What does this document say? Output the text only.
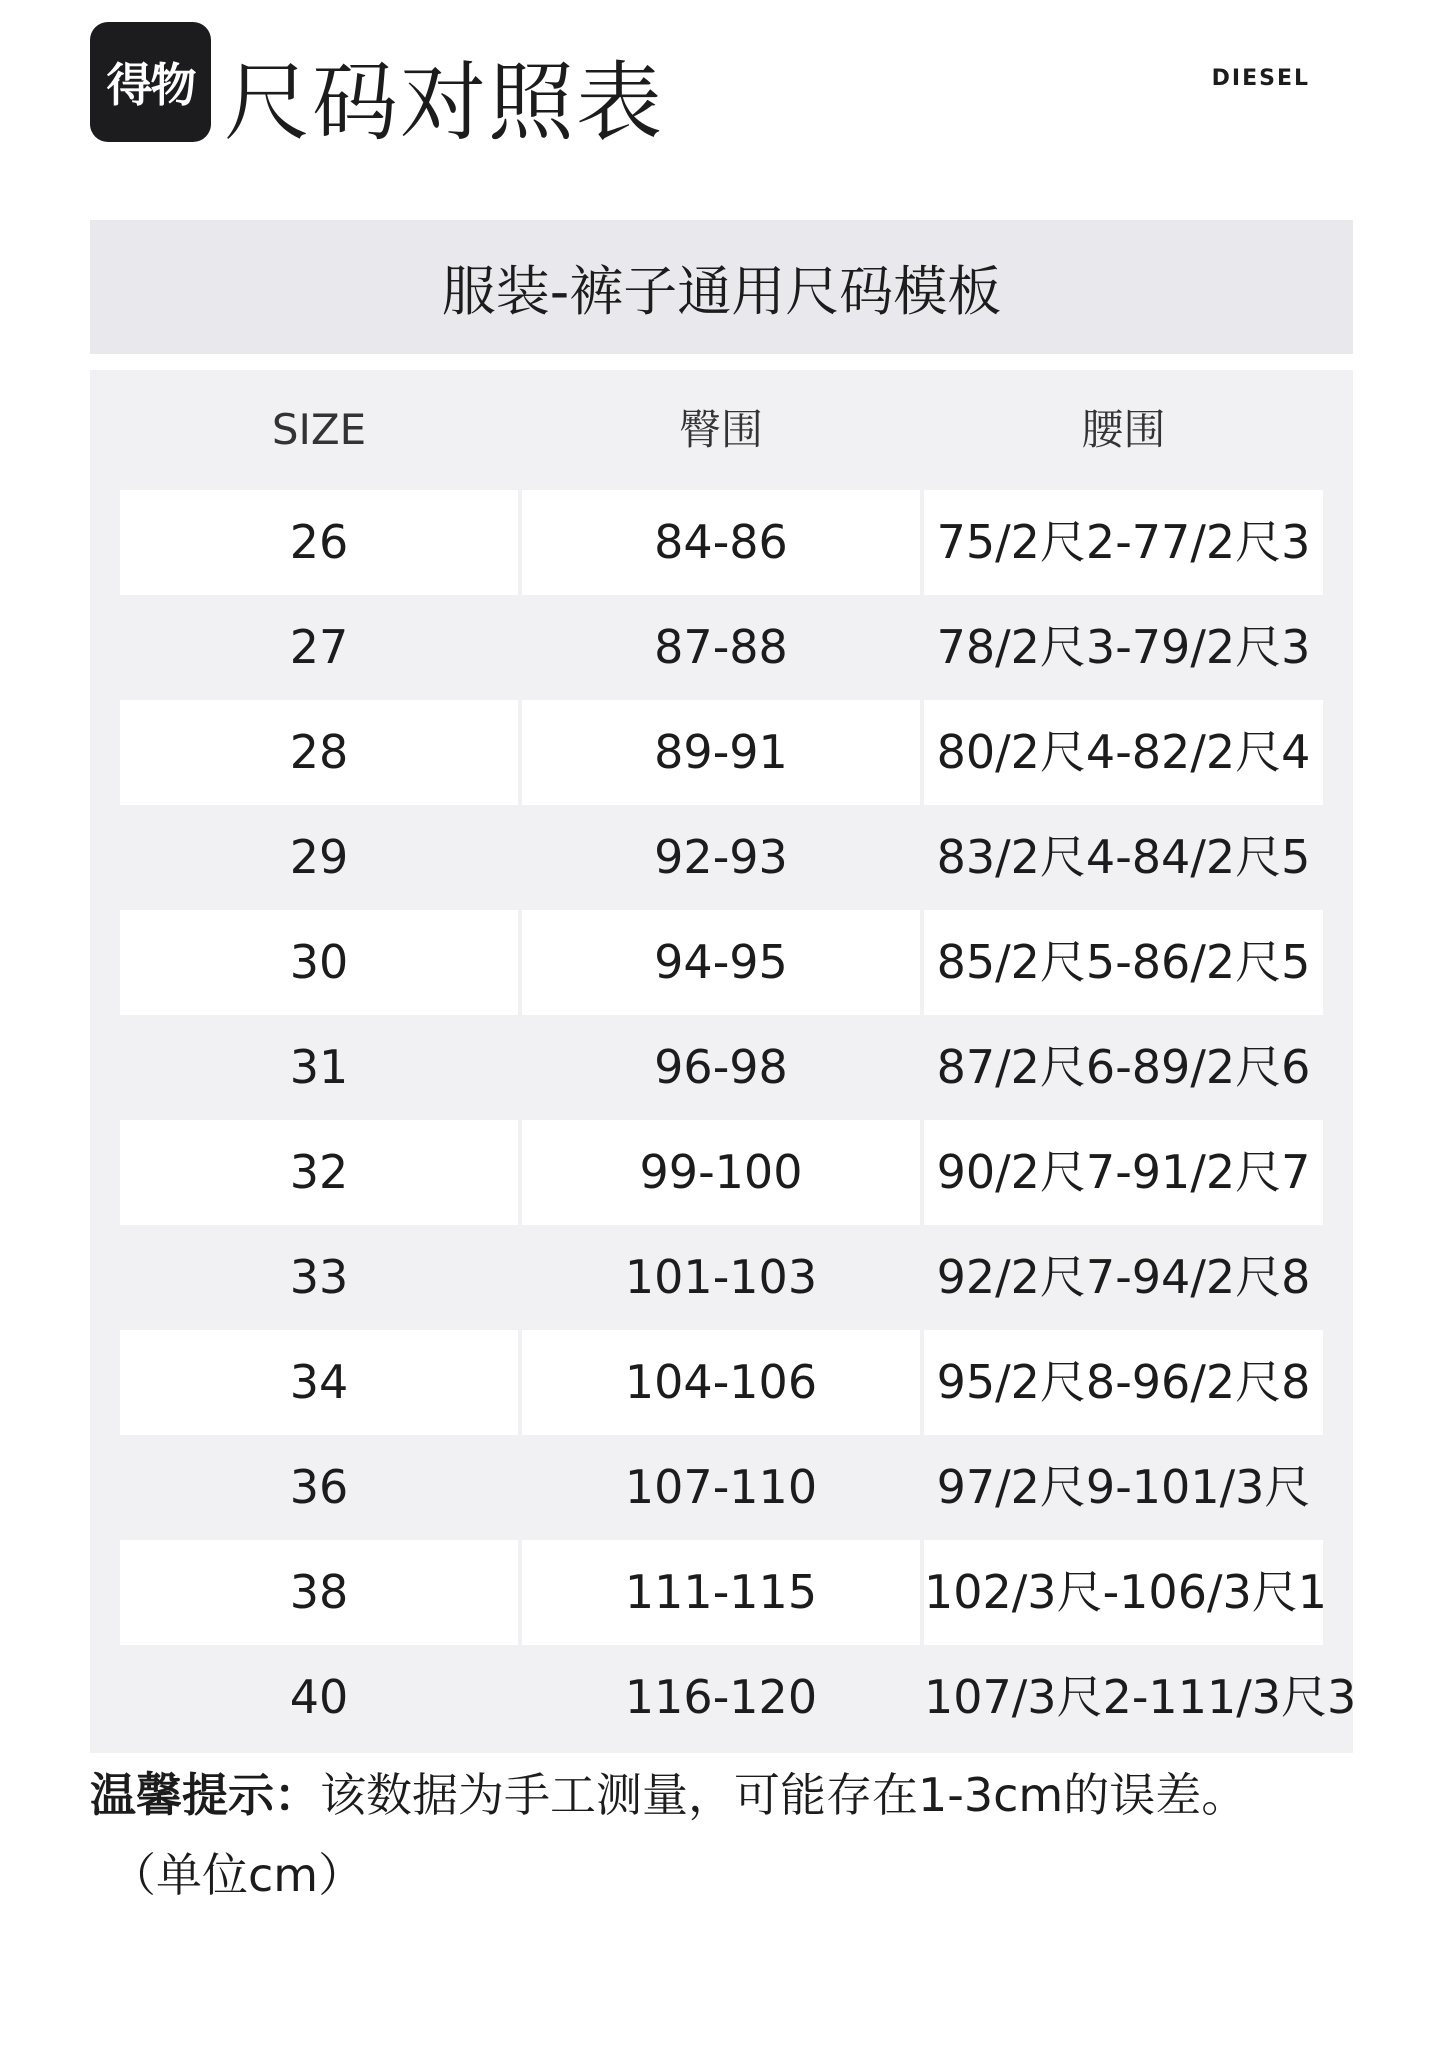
得物 尺码对照表	DIESEL
服装-裤子通用尺码模板
SIZE	臀围	腰围
26	84-86	75/2尺2-77/2尺3
27	87-88	78/2尺3-79/2尺3
28	89-91	80/2尺4-82/2尺4
29	92-93	83/2尺4-84/2尺5
30	94-95	85/2尺5-86/2尺5
31	96-98	87/2尺6-89/2尺6
32	99-100	90/2尺7-91/2尺7
33	101-103	92/2尺7-94/2尺8
34	104-106	95/2尺8-96/2尺8
36	107-110	97/2尺9-101/3尺
38	111-115	102/3尺-106/3尺1
40	116-120	107/3尺2-111/3尺3
温馨提示：该数据为手工测量，可能存在1-3cm的误差。
（单位cm）
